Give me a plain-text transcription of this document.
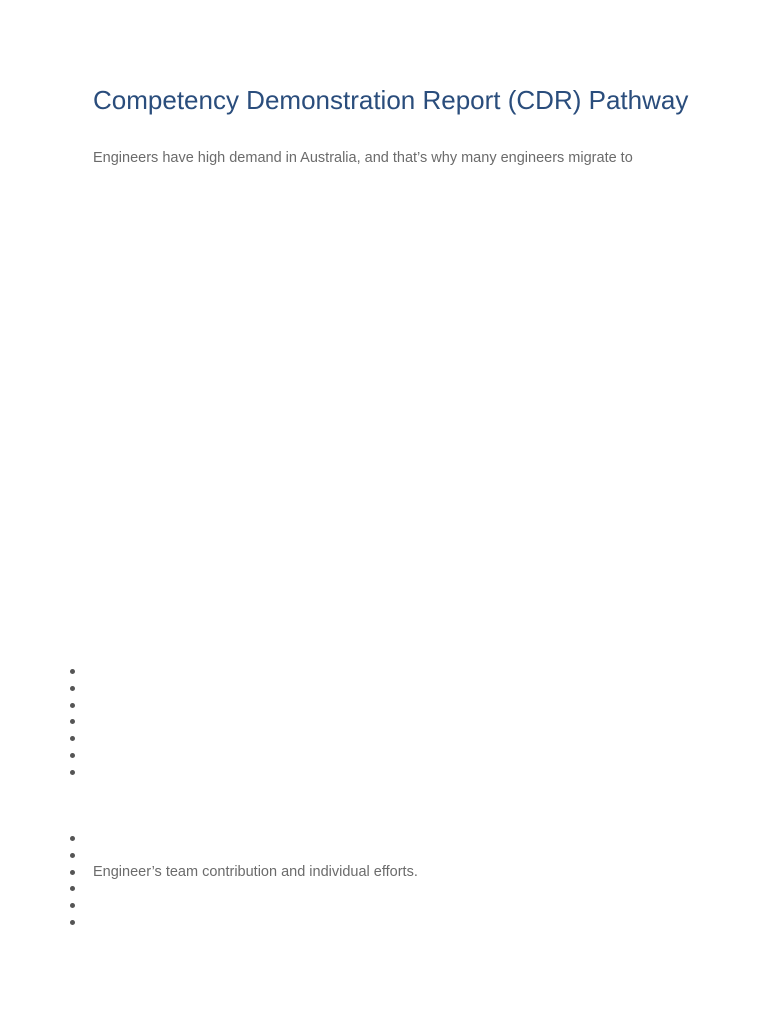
Competency Demonstration Report (CDR) Pathway

Engineers have high demand in Australia, and that’s why many engineers migrate to

Engineer’s team contribution and individual efforts.
